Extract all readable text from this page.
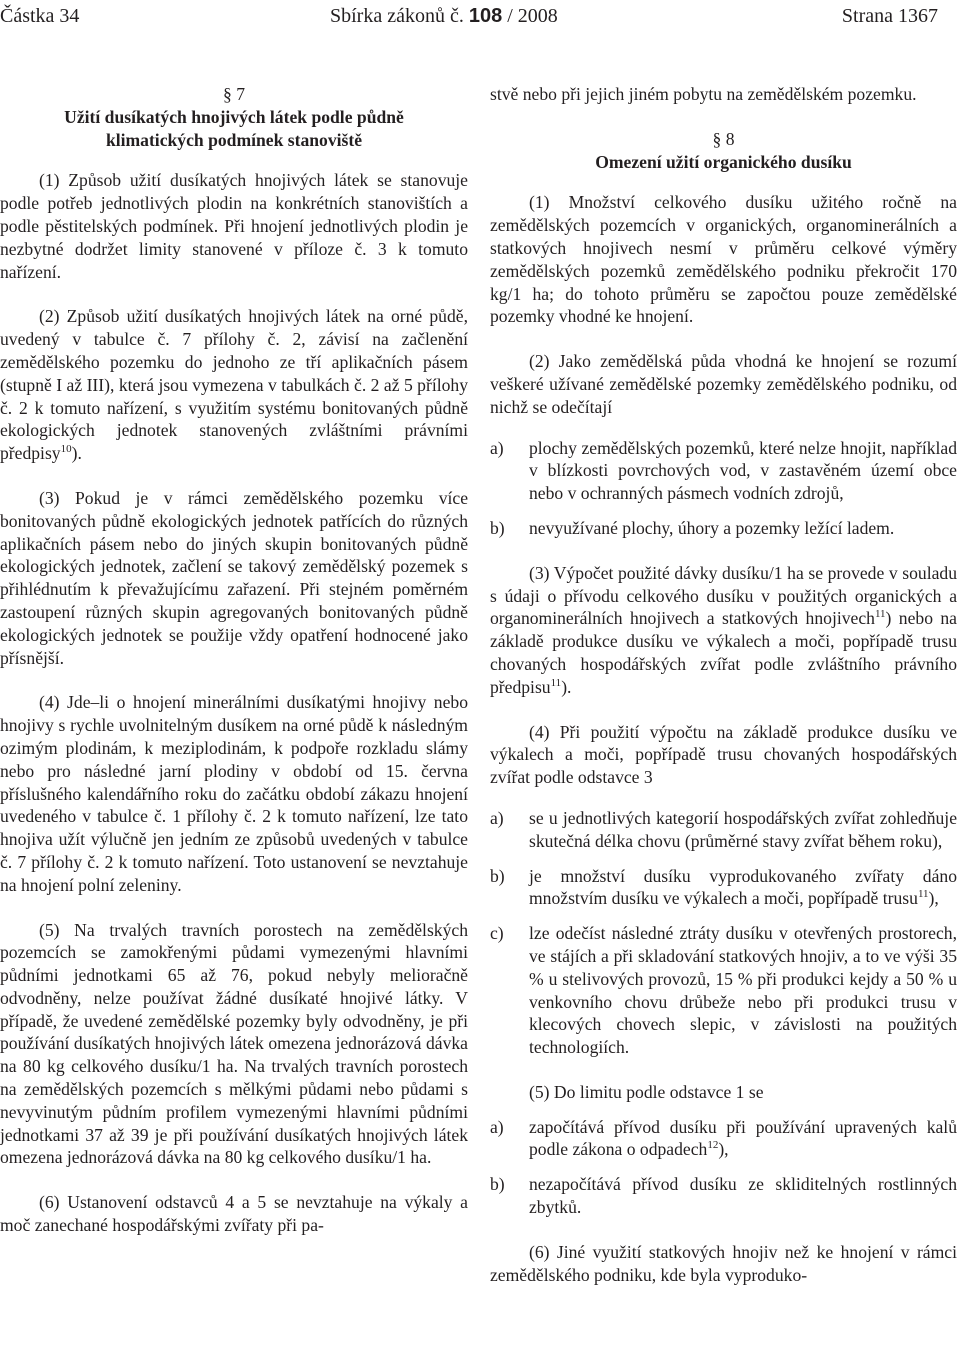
Částka 34	Sbírka zákonů č. 108 / 2008	Strana 1367

§ 7

Užití dusíkatých hnojivých látek podle půdně
klimatických podmínek stanoviště

(1) Způsob užití dusíkatých hnojivých látek se stanovuje podle potřeb jednotlivých plodin na konkrétních stanovištích a podle pěstitelských podmínek. Při hnojení jednotlivých plodin je nezbytné dodržet limity stanovené v příloze č. 3 k tomuto nařízení.

(2) Způsob užití dusíkatých hnojivých látek na orné půdě, uvedený v tabulce č. 7 přílohy č. 2, závisí na začlenění zemědělského pozemku do jednoho ze tří aplikačních pásem (stupně I až III), která jsou vymezena v tabulkách č. 2 až 5 přílohy č. 2 k tomuto nařízení, s využitím systému bonitovaných půdně ekologických jednotek stanovených zvláštními právními předpisy$^{10}$).

(3) Pokud je v rámci zemědělského pozemku více bonitovaných půdně ekologických jednotek patřících do různých aplikačních pásem nebo do jiných skupin bonitovaných půdně ekologických jednotek, začlení se takový zemědělský pozemek s přihlédnutím k převažujícímu zařazení. Při stejném poměrném zastoupení různých skupin agregovaných bonitovaných půdně ekologických jednotek se použije vždy opatření hodnocené jako přísnější.

(4) Jde–li o hnojení minerálními dusíkatými hnojivy nebo hnojivy s rychle uvolnitelným dusíkem na orné půdě k následným ozimým plodinám, k meziplodinám, k podpoře rozkladu slámy nebo pro následné jarní plodiny v období od 15. června příslušného kalendářního roku do začátku období zákazu hnojení uvedeného v tabulce č. 1 přílohy č. 2 k tomuto nařízení, lze tato hnojiva užít výlučně jen jedním ze způsobů uvedených v tabulce č. 7 přílohy č. 2 k tomuto nařízení. Toto ustanovení se nevztahuje na hnojení polní zeleniny.

(5) Na trvalých travních porostech na zemědělských pozemcích se zamokřenými půdami vymezenými hlavními půdními jednotkami 65 až 76, pokud nebyly melioračně odvodněny, nelze používat žádné dusíkaté hnojivé látky. V případě, že uvedené zemědělské pozemky byly odvodněny, je při používání dusíkatých hnojivých látek omezena jednorázová dávka na 80 kg celkového dusíku/1 ha. Na trvalých travních porostech na zemědělských pozemcích s mělkými půdami nebo půdami s nevyvinutým půdním profilem vymezenými hlavními půdními jednotkami 37 až 39 je při používání dusíkatých hnojivých látek omezena jednorázová dávka na 80 kg celkového dusíku/1 ha.

(6) Ustanovení odstavců 4 a 5 se nevztahuje na výkaly a moč zanechané hospodářskými zvířaty při pa-

stvě nebo při jejich jiném pobytu na zemědělském pozemku.

§ 8

Omezení užití organického dusíku

(1) Množství celkového dusíku užitého ročně na zemědělských pozemcích v organických, organominerálních a statkových hnojivech nesmí v průměru celkové výměry zemědělských pozemků zemědělského podniku překročit 170 kg/1 ha; do tohoto průměru se započtou pouze zemědělské pozemky vhodné ke hnojení.

(2) Jako zemědělská půda vhodná ke hnojení se rozumí veškeré užívané zemědělské pozemky zemědělského podniku, od nichž se odečítají

a)	plochy zemědělských pozemků, které nelze hnojit, například v blízkosti povrchových vod, v zastavěném území obce nebo v ochranných pásmech vodních zdrojů,
b)	nevyužívané plochy, úhory a pozemky ležící ladem.

(3) Výpočet použité dávky dusíku/1 ha se provede v souladu s údaji o přívodu celkového dusíku v použitých organických a organominerálních hnojivech a statkových hnojivech$^{11}$) nebo na základě produkce dusíku ve výkalech a moči, popřípadě trusu chovaných hospodářských zvířat podle zvláštního právního předpisu$^{11}$).

(4) Při použití výpočtu na základě produkce dusíku ve výkalech a moči, popřípadě trusu chovaných hospodářských zvířat podle odstavce 3

a)	se u jednotlivých kategorií hospodářských zvířat zohledňuje skutečná délka chovu (průměrné stavy zvířat během roku),
b)	je množství dusíku vyprodukovaného zvířaty dáno množstvím dusíku ve výkalech a moči, popřípadě trusu$^{11}$),
c)	lze odečíst následné ztráty dusíku v otevřených prostorech, ve stájích a při skladování statkových hnojiv, a to ve výši 35 % u stelivových provozů, 15 % při produkci kejdy a 50 % u venkovního chovu drůbeže nebo při produkci trusu v klecových chovech slepic, v závislosti na použitých technologiích.

(5) Do limitu podle odstavce 1 se

a)	započítává přívod dusíku při používání upravených kalů podle zákona o odpadech$^{12}$),
b)	nezapočítává přívod dusíku ze skliditelných rostlinných zbytků.

(6) Jiné využití statkových hnojiv než ke hnojení v rámci zemědělského podniku, kde byla vyproduko-
